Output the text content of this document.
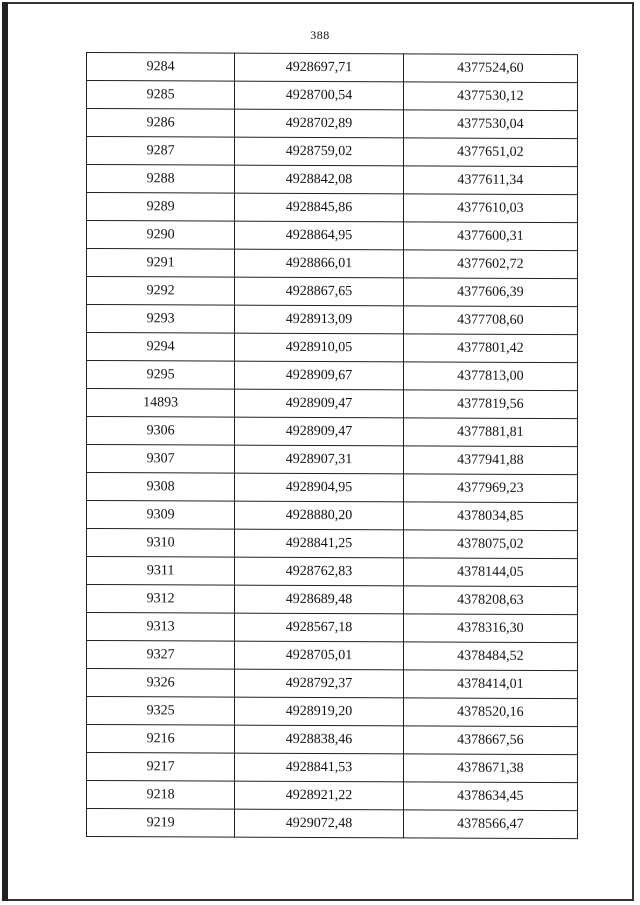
388
9284	4928697,71	4377524,60
9285	4928700,54	4377530,12
9286	4928702,89	4377530,04
9287	4928759,02	4377651,02
9288	4928842,08	4377611,34
9289	4928845,86	4377610,03
9290	4928864,95	4377600,31
9291	4928866,01	4377602,72
9292	4928867,65	4377606,39
9293	4928913,09	4377708,60
9294	4928910,05	4377801,42
9295	4928909,67	4377813,00
14893	4928909,47	4377819,56
9306	4928909,47	4377881,81
9307	4928907,31	4377941,88
9308	4928904,95	4377969,23
9309	4928880,20	4378034,85
9310	4928841,25	4378075,02
9311	4928762,83	4378144,05
9312	4928689,48	4378208,63
9313	4928567,18	4378316,30
9327	4928705,01	4378484,52
9326	4928792,37	4378414,01
9325	4928919,20	4378520,16
9216	4928838,46	4378667,56
9217	4928841,53	4378671,38
9218	4928921,22	4378634,45
9219	4929072,48	4378566,47
